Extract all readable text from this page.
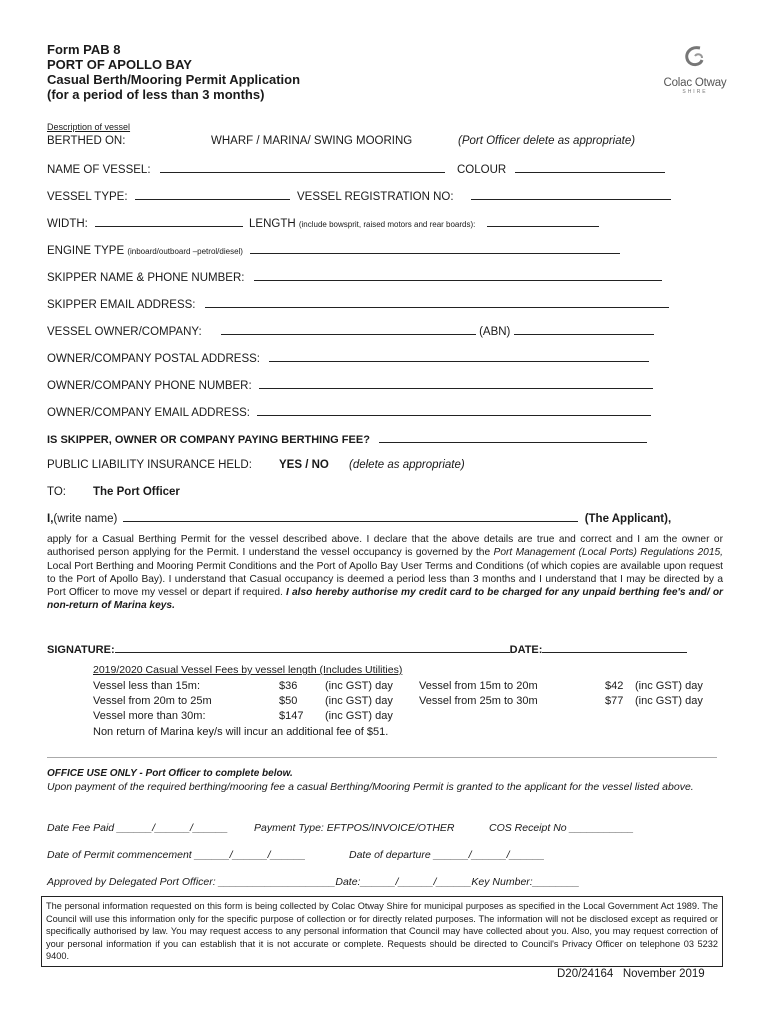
Form PAB 8
PORT OF APOLLO BAY
Casual Berth/Mooring Permit Application
(for a period of less than 3 months)
Colac Otway
SHIRE
Description of vessel
BERTHED ON:	WHARF / MARINA/ SWING MOORING	(Port Officer delete as appropriate)
NAME OF VESSEL:	COLOUR
VESSEL TYPE:	VESSEL REGISTRATION NO:
WIDTH:	LENGTH (include bowsprit, raised motors and rear boards):
ENGINE TYPE (inboard/outboard –petrol/diesel)
SKIPPER NAME & PHONE NUMBER:
SKIPPER EMAIL ADDRESS:
VESSEL OWNER/COMPANY:	(ABN)
OWNER/COMPANY POSTAL ADDRESS:
OWNER/COMPANY PHONE NUMBER:
OWNER/COMPANY EMAIL ADDRESS:
IS SKIPPER, OWNER OR COMPANY PAYING BERTHING FEE?
PUBLIC LIABILITY INSURANCE HELD: YES / NO (delete as appropriate)
TO: The Port Officer
I,(write name)	(The Applicant),
apply for a Casual Berthing Permit for the vessel described above. I declare that the above details are true and correct and I am the owner or authorised person applying for the Permit. I understand the vessel occupancy is governed by the Port Management (Local Ports) Regulations 2015, Local Port Berthing and Mooring Permit Conditions and the Port of Apollo Bay User Terms and Conditions (of which copies are available upon request to the Port of Apollo Bay). I understand that Casual occupancy is deemed a period less than 3 months and I understand that I may be directed by a Port Officer to move my vessel or depart if required. I also hereby authorise my credit card to be charged for any unpaid berthing fee's and/ or non-return of Marina keys.
SIGNATURE:	DATE:
2019/2020 Casual Vessel Fees by vessel length (Includes Utilities)
Vessel less than 15m:	$36	(inc GST) day Vessel from 15m to 20m	$42 (inc GST) day
Vessel from 20m to 25m	$50	(inc GST) day Vessel from 25m to 30m	$77 (inc GST) day
Vessel more than 30m:	$147 (inc GST) day
Non return of Marina key/s will incur an additional fee of $51.
OFFICE USE ONLY - Port Officer to complete below.
Upon payment of the required berthing/mooring fee a casual Berthing/Mooring Permit is granted to the applicant for the vessel listed above.
Date Fee Paid ______/______/______ Payment Type: EFTPOS/INVOICE/OTHER	COS Receipt No ___________
Date of Permit commencement ______/______/______	Date of departure ______/______/______
Approved by Delegated Port Officer: ____________________Date:______/______/______Key Number:________
The personal information requested on this form is being collected by Colac Otway Shire for municipal purposes as specified in the Local Government Act 1989. The Council will use this information only for the specific purpose of collection or for directly related purposes. The information will not be disclosed except as required or specifically authorised by law. You may request access to any personal information that Council may have collected about you. Also, you may request correction of your personal information if you can establish that it is not accurate or complete. Requests should be directed to Council's Privacy Officer on telephone 03 5232 9400.
D20/24164   November 2019
